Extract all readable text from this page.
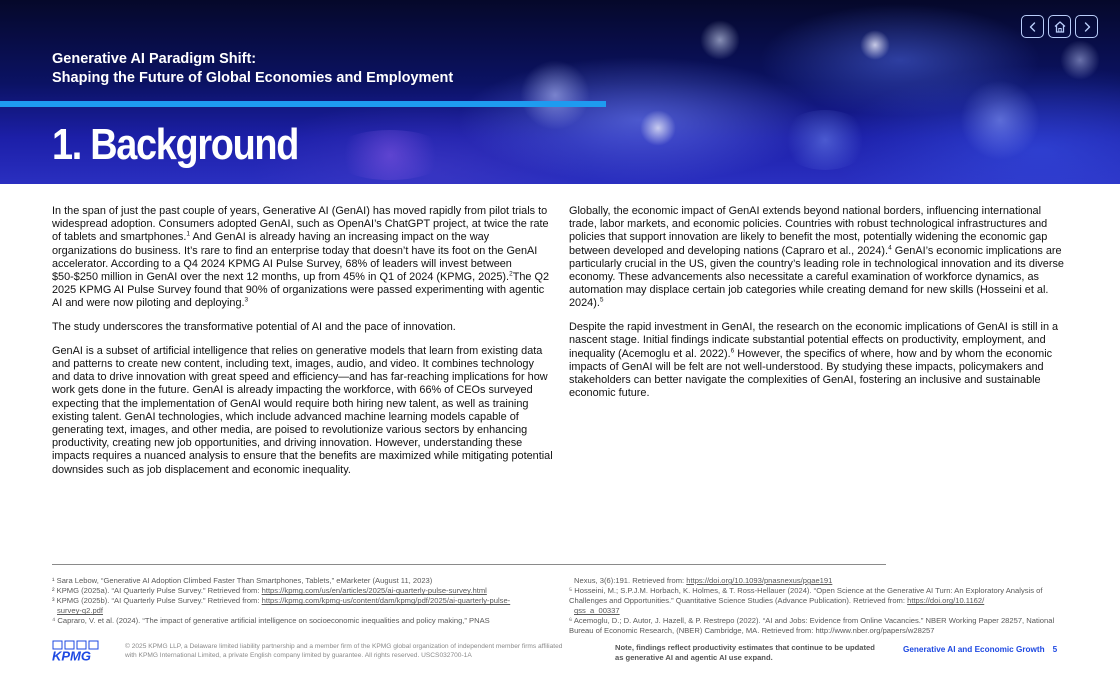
Generative AI Paradigm Shift:
Shaping the Future of Global Economies and Employment
1. Background

In the span of just the past couple of years, Generative AI (GenAI) has moved rapidly from pilot trials to widespread adoption. Consumers adopted GenAI, such as OpenAI’s ChatGPT project, at twice the rate of tablets and smartphones.$^1$ And GenAI is already having an increasing impact on the way organizations do business. It’s rare to find an enterprise today that doesn’t have its foot on the GenAI accelerator. According to a Q4 2024 KPMG AI Pulse Survey, 68% of leaders will invest between $50-$250 million in GenAI over the next 12 months, up from 45% in Q1 of 2024 (KPMG, 2025).$^2$The Q2 2025 KPMG AI Pulse Survey found that 90% of organizations were passed experimenting with agentic AI and were now piloting and deploying.$^3$

The study underscores the transformative potential of AI and the pace of innovation.

GenAI is a subset of artificial intelligence that relies on generative models that learn from existing data and patterns to create new content, including text, images, audio, and video. It combines technology and data to drive innovation with great speed and efficiency—and has far-reaching implications for how work gets done in the future. GenAI is already impacting the workforce, with 66% of CEOs surveyed expecting that the implementation of GenAI would require both hiring new talent, as well as training existing talent. GenAI technologies, which include advanced machine learning models capable of generating text, images, and other media, are poised to revolutionize various sectors by enhancing productivity, creating new job opportunities, and driving innovation. However, understanding these impacts requires a nuanced analysis to ensure that the benefits are maximized while mitigating potential downsides such as job displacement and economic inequality.

Globally, the economic impact of GenAI extends beyond national borders, influencing international trade, labor markets, and economic policies. Countries with robust technological infrastructures and policies that support innovation are likely to benefit the most, potentially widening the economic gap between developed and developing nations (Capraro et al., 2024).$^4$ GenAI’s economic implications are particularly crucial in the US, given the country’s leading role in technological innovation and its diverse economy. These advancements also necessitate a careful examination of workforce dynamics, as automation may displace certain job categories while creating demand for new skills (Hosseini et al. 2024).$^5$

Despite the rapid investment in GenAI, the research on the economic implications of GenAI is still in a nascent stage. Initial findings indicate substantial potential effects on productivity, employment, and inequality (Acemoglu et al. 2022).$^6$ However, the specifics of where, how and by whom the economic impacts of GenAI will be felt are not well-understood. By studying these impacts, policymakers and stakeholders can better navigate the complexities of GenAI, fostering an inclusive and sustainable economic future.

¹ Sara Lebow, “Generative AI Adoption Climbed Faster Than Smartphones, Tablets,” eMarketer (August 11, 2023)
² KPMG (2025a). “AI Quarterly Pulse Survey.” Retrieved from: https://kpmg.com/us/en/articles/2025/ai-quarterly-pulse-survey.html
³ KPMG (2025b). “AI Quarterly Pulse Survey.” Retrieved from: https://kpmg.com/kpmg-us/content/dam/kpmg/pdf/2025/ai-quarterly-pulse-
survey-q2.pdf
⁴ Capraro, V. et al. (2024). “The impact of generative artificial intelligence on socioeconomic inequalities and policy making,” PNAS
Nexus, 3(6):191. Retrieved from: https://doi.org/10.1093/pnasnexus/pgae191
⁵ Hosseini, M.; S.P.J.M. Horbach, K. Holmes, & T. Ross-Hellauer (2024). “Open Science at the Generative AI Turn: An Exploratory Analysis of Challenges and Opportunities.” Quantitative Science Studies (Advance Publication). Retrieved from: https://doi.org/10.1162/
qss_a_00337
⁶ Acemoglu, D.; D. Autor, J. Hazell, & P. Restrepo (2022). “AI and Jobs: Evidence from Online Vacancies.” NBER Working Paper 28257, National Bureau of Economic Research, (NBER) Cambridge, MA. Retrieved from: http://www.nber.org/papers/w28257
KPMG
© 2025 KPMG LLP, a Delaware limited liability partnership and a member firm of the KPMG global organization of independent member firms affiliated with KPMG International Limited, a private English company limited by guarantee. All rights reserved. USCS032700-1A
Note, findings reflect productivity estimates that continue to be updated as generative AI and agentic AI use expand.
Generative AI and Economic Growth 5
